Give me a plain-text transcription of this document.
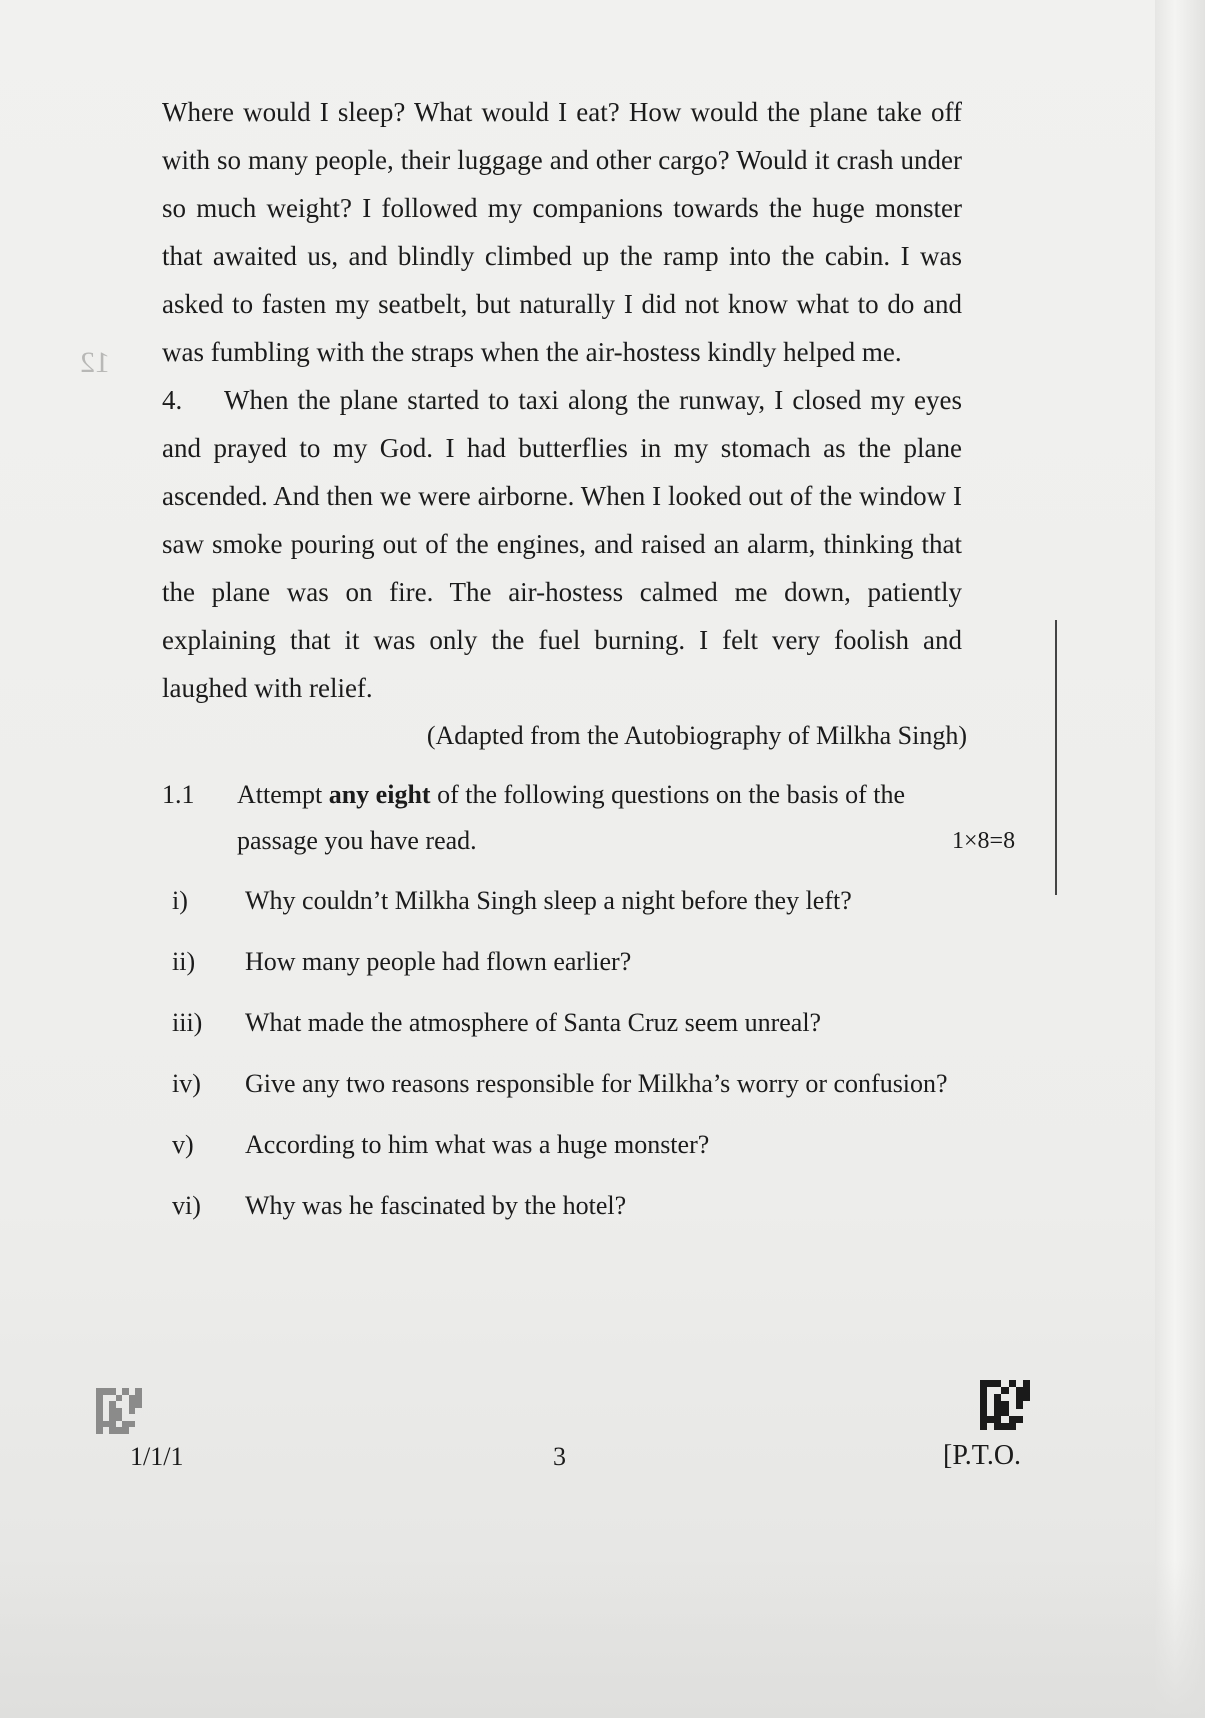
12

Where would I sleep? What would I eat? How would the plane take off with so many people, their luggage and other cargo? Would it crash under so much weight? I followed my companions towards the huge monster that awaited us, and blindly climbed up the ramp into the cabin. I was asked to fasten my seatbelt, but naturally I did not know what to do and was fumbling with the straps when the air-hostess kindly helped me.

4. When the plane started to taxi along the runway, I closed my eyes and prayed to my God. I had butterflies in my stomach as the plane ascended. And then we were airborne. When I looked out of the window I saw smoke pouring out of the engines, and raised an alarm, thinking that the plane was on fire. The air-hostess calmed me down, patiently explaining that it was only the fuel burning. I felt very foolish and laughed with relief.

(Adapted from the Autobiography of Milkha Singh)
1.1 Attempt any eight of the following questions on the basis of the passage you have read.	1×8=8
i) Why couldn’t Milkha Singh sleep a night before they left?
ii) How many people had flown earlier?
iii) What made the atmosphere of Santa Cruz seem unreal?
iv) Give any two reasons responsible for Milkha’s worry or confusion?
v) According to him what was a huge monster?
vi) Why was he fascinated by the hotel?
1/1/1	3	[P.T.O.
